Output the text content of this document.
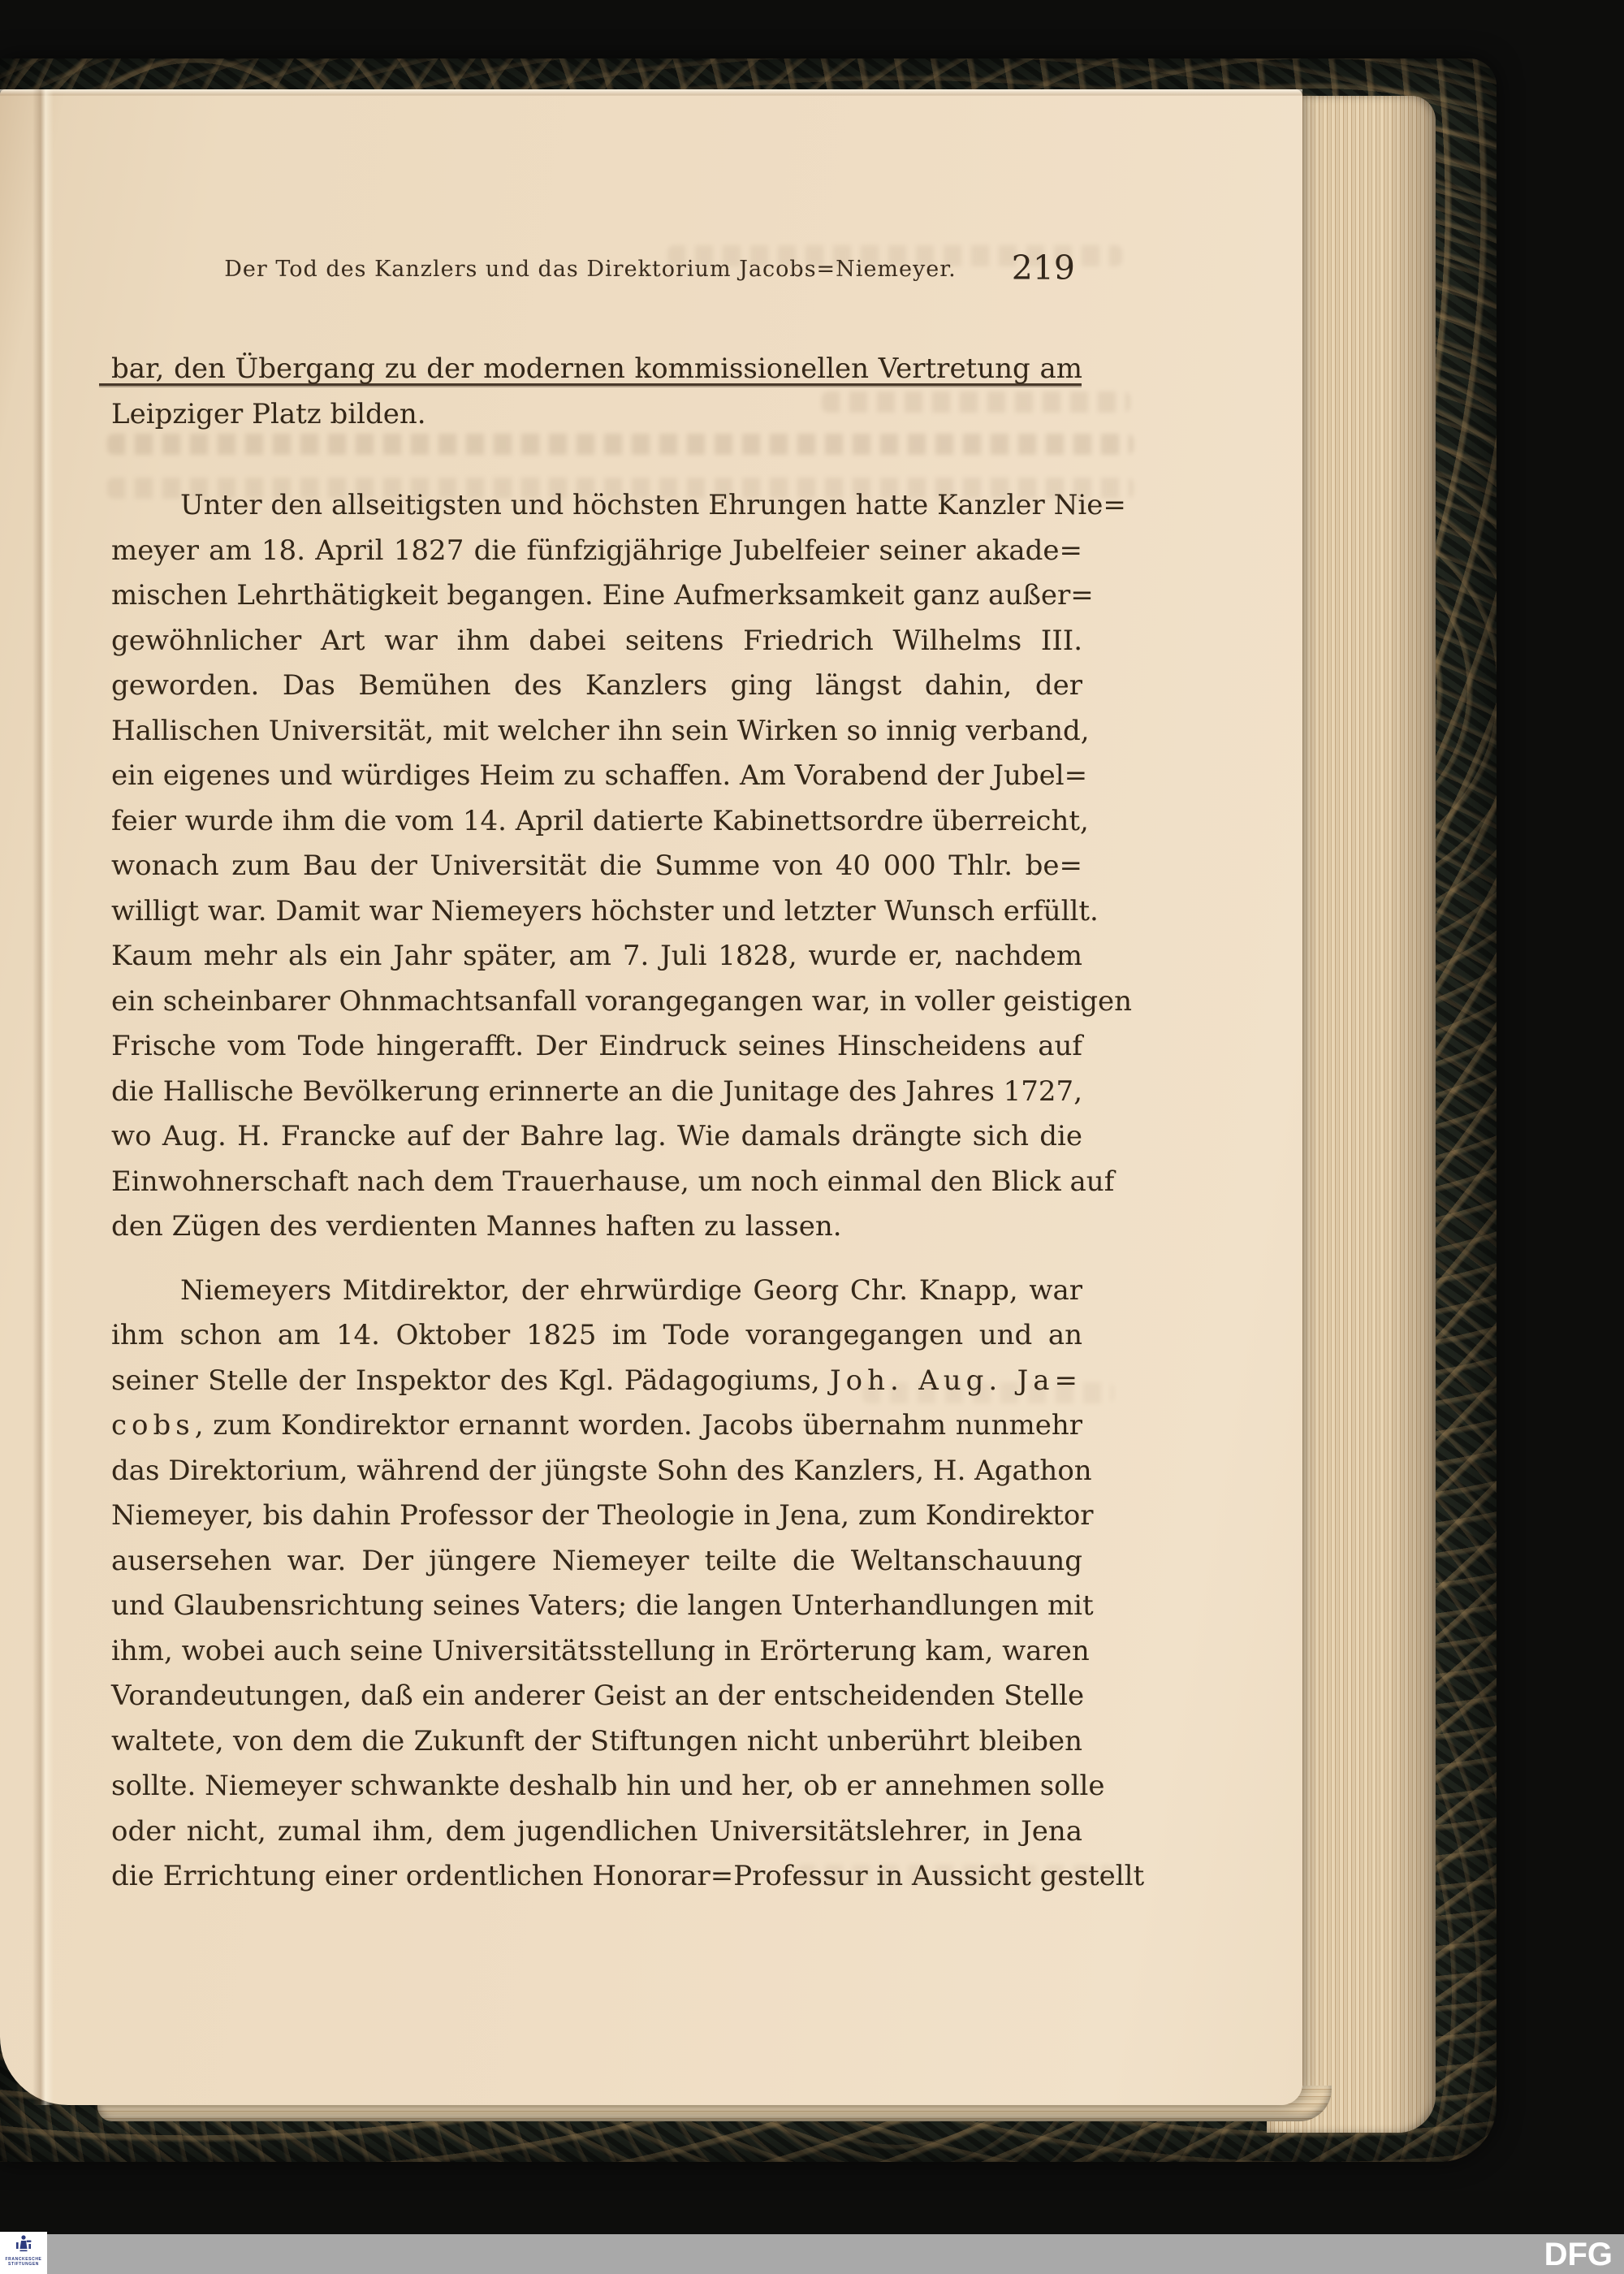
Der Tod des Kanzlers und das Direktorium Jacobs=Niemeyer.	219
bar, den Übergang zu der modernen kommissionellen Vertretung am
Leipziger Platz bilden.
Unter den allseitigsten und höchsten Ehrungen hatte Kanzler Nie=
meyer am 18. April 1827 die fünfzigjährige Jubelfeier seiner akade=
mischen Lehrthätigkeit begangen. Eine Aufmerksamkeit ganz außer=
gewöhnlicher Art war ihm dabei seitens Friedrich Wilhelms III.
geworden. Das Bemühen des Kanzlers ging längst dahin, der
Hallischen Universität, mit welcher ihn sein Wirken so innig verband,
ein eigenes und würdiges Heim zu schaffen. Am Vorabend der Jubel=
feier wurde ihm die vom 14. April datierte Kabinettsordre überreicht,
wonach zum Bau der Universität die Summe von 40 000 Thlr. be=
willigt war. Damit war Niemeyers höchster und letzter Wunsch erfüllt.
Kaum mehr als ein Jahr später, am 7. Juli 1828, wurde er, nachdem
ein scheinbarer Ohnmachtsanfall vorangegangen war, in voller geistigen
Frische vom Tode hingerafft. Der Eindruck seines Hinscheidens auf
die Hallische Bevölkerung erinnerte an die Junitage des Jahres 1727,
wo Aug. H. Francke auf der Bahre lag. Wie damals drängte sich die
Einwohnerschaft nach dem Trauerhause, um noch einmal den Blick auf
den Zügen des verdienten Mannes haften zu lassen.
Niemeyers Mitdirektor, der ehrwürdige Georg Chr. Knapp, war
ihm schon am 14. Oktober 1825 im Tode vorangegangen und an
seiner Stelle der Inspektor des Kgl. Pädagogiums, Joh. Aug. Ja=
cobs, zum Kondirektor ernannt worden. Jacobs übernahm nunmehr
das Direktorium, während der jüngste Sohn des Kanzlers, H. Agathon
Niemeyer, bis dahin Professor der Theologie in Jena, zum Kondirektor
ausersehen war. Der jüngere Niemeyer teilte die Weltanschauung
und Glaubensrichtung seines Vaters; die langen Unterhandlungen mit
ihm, wobei auch seine Universitätsstellung in Erörterung kam, waren
Vorandeutungen, daß ein anderer Geist an der entscheidenden Stelle
waltete, von dem die Zukunft der Stiftungen nicht unberührt bleiben
sollte. Niemeyer schwankte deshalb hin und her, ob er annehmen solle
oder nicht, zumal ihm, dem jugendlichen Universitätslehrer, in Jena
die Errichtung einer ordentlichen Honorar=Professur in Aussicht gestellt
DFG
FRANCKESCHE
STIFTUNGEN
